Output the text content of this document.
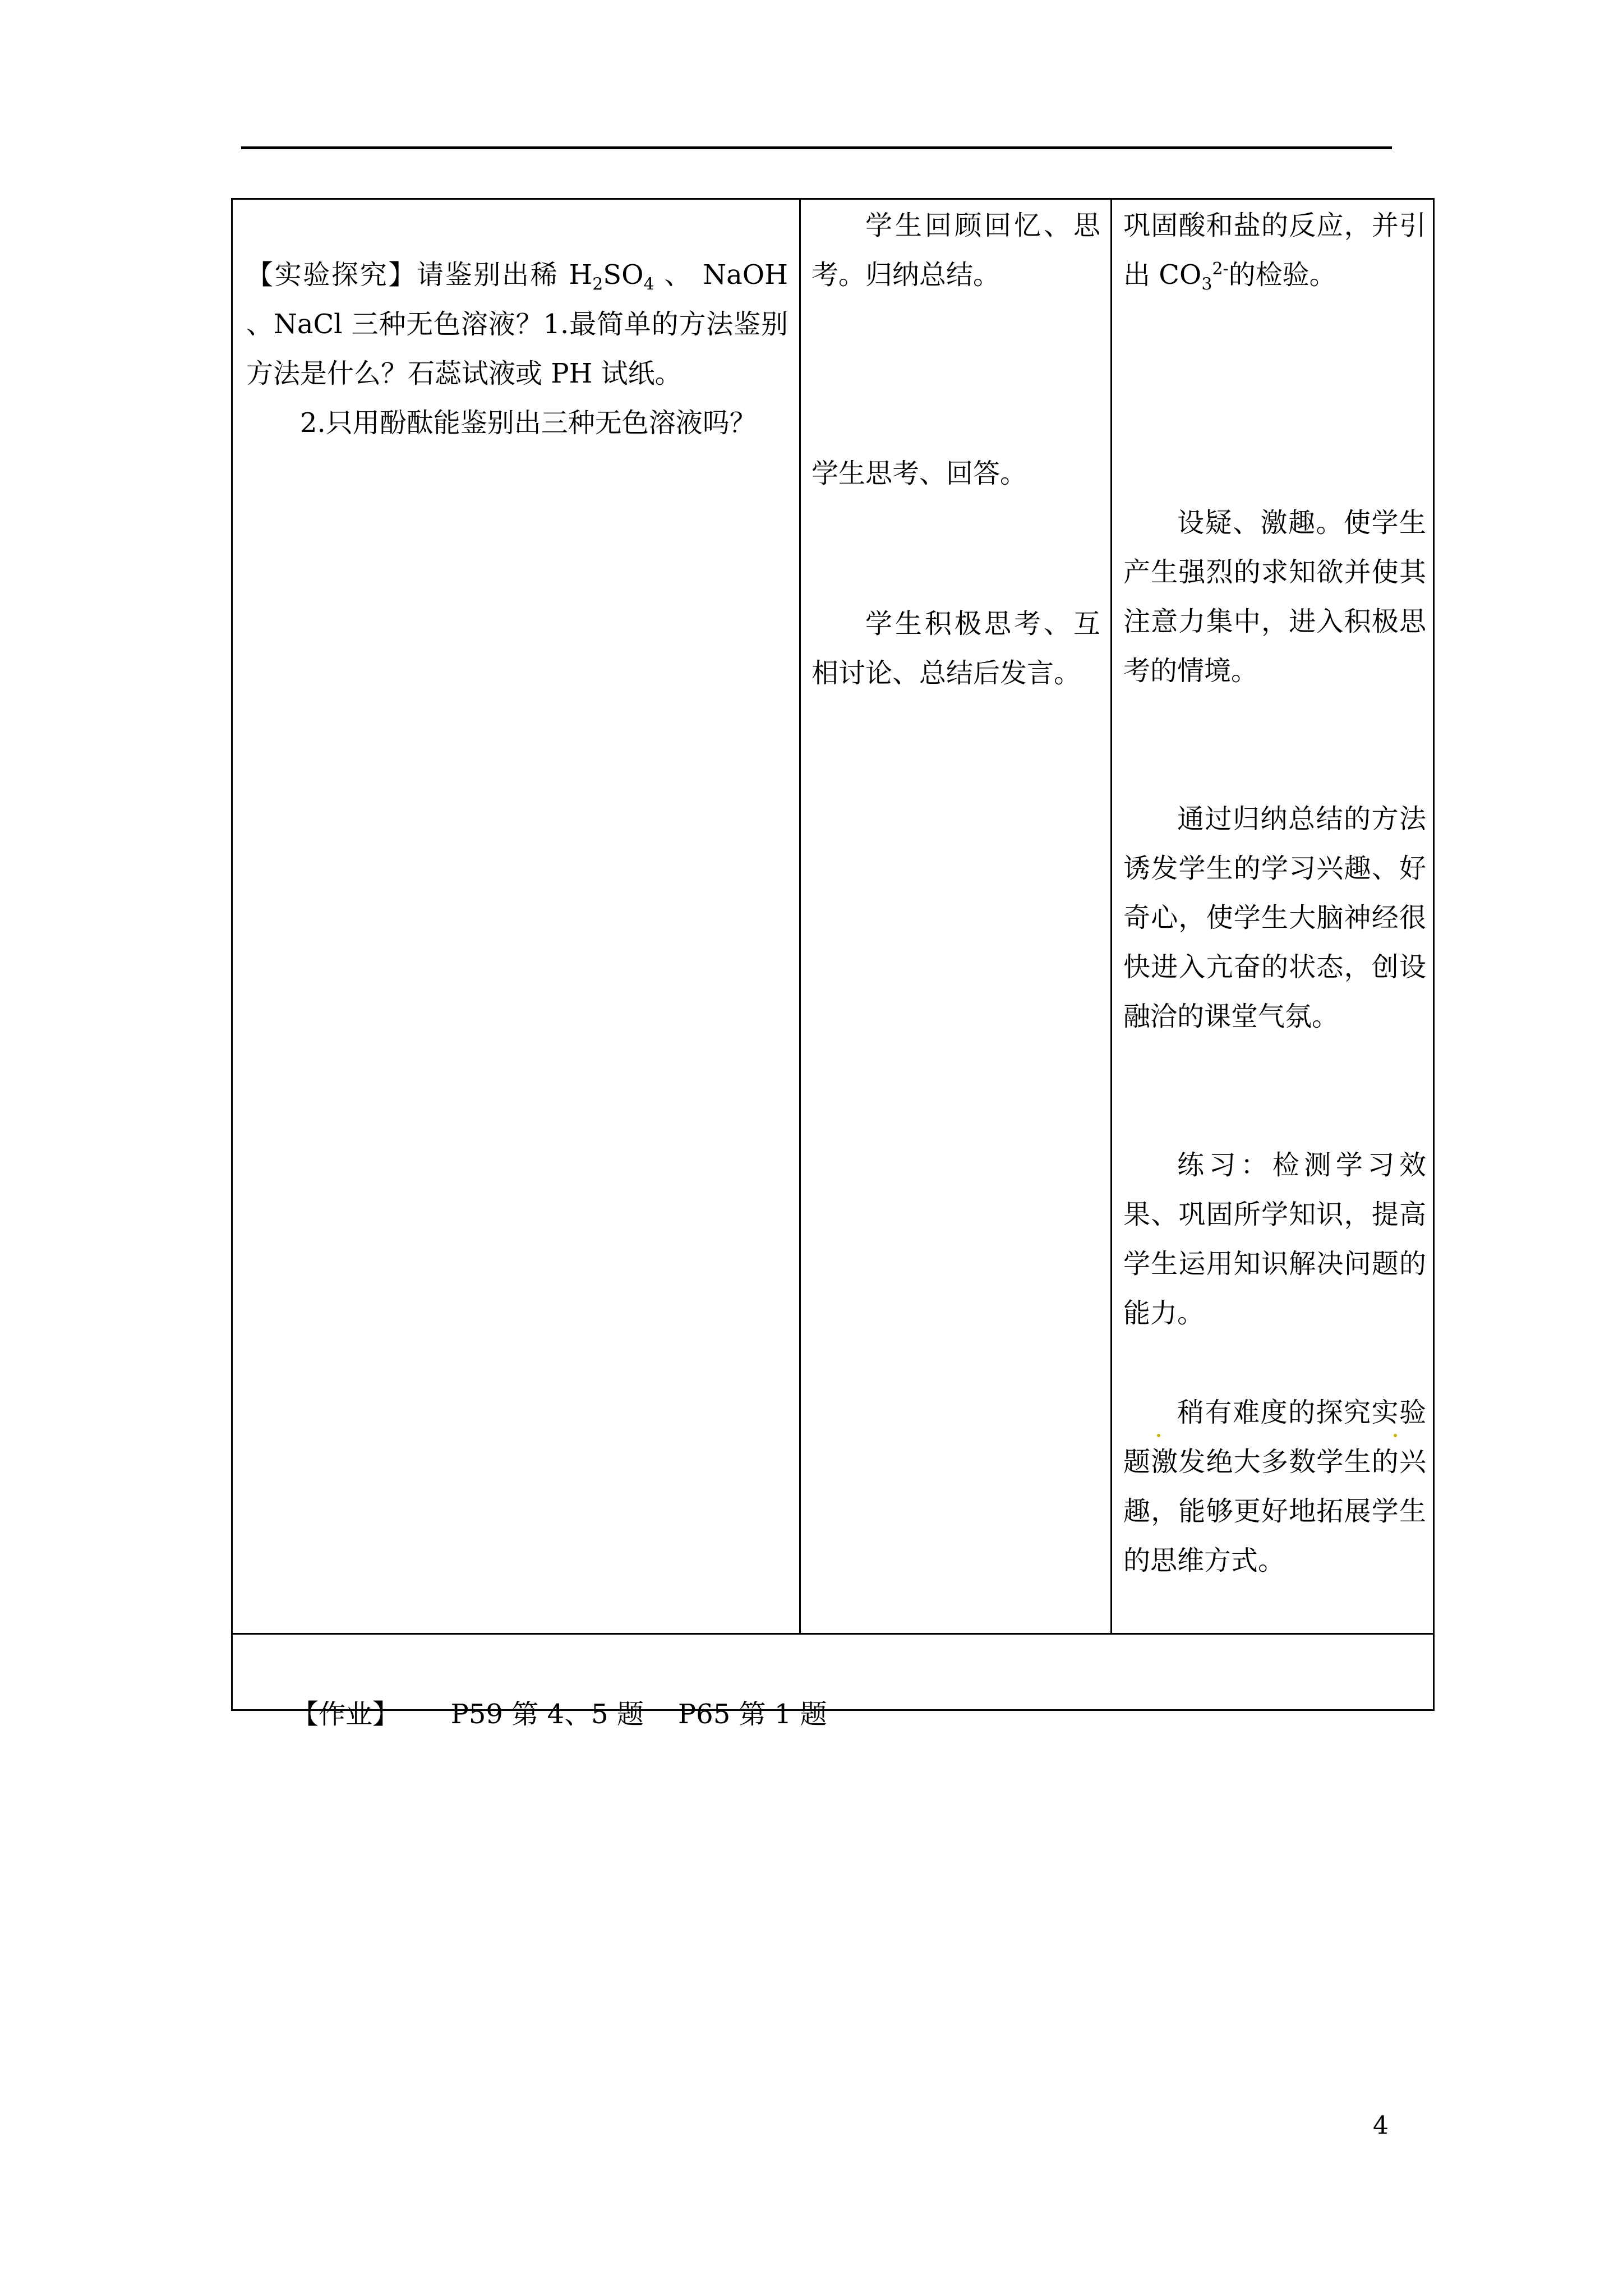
【实验探究】请鉴别出稀 $H_2SO_4$ 、 NaOH 、NaCl 三种无色溶液？1.最简单的方法鉴别方法是什么？石蕊试液或 PH 试纸。
2.只用酚酞能鉴别出三种无色溶液吗？
学生回顾回忆、思考。归纳总结。
学生思考、回答。
学生积极思考、互相讨论、总结后发言。
巩固酸和盐的反应，并引出 $CO_3^{2-}$的检验。
设疑、激趣。使学生产生强烈的求知欲并使其注意力集中，进入积极思考的情境。
通过归纳总结的方法诱发学生的学习兴趣、好奇心，使学生大脑神经很快进入亢奋的状态，创设融洽的课堂气氛。
练习：检测学习效果、巩固所学知识，提高学生运用知识解决问题的能力。
稍有难度的探究实验题激发绝大多数学生的兴趣，能够更好地拓展学生的思维方式。

【作业】 P59 第 4、5 题 P65 第 1 题

4
